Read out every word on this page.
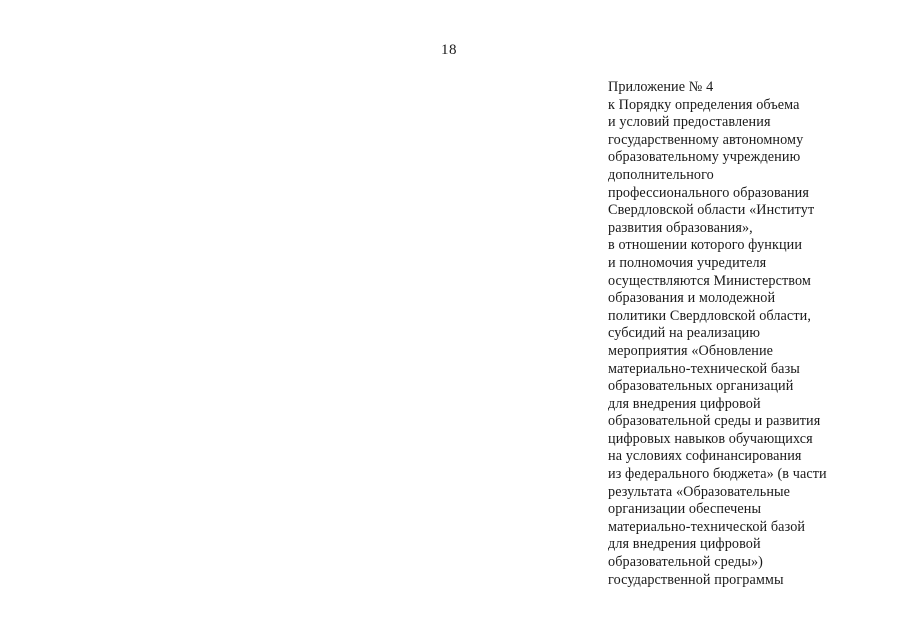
18
Приложение № 4
к Порядку определения объема
и условий предоставления
государственному автономному
образовательному учреждению
дополнительного
профессионального образования
Свердловской области «Институт
развития образования»,
в отношении которого функции
и полномочия учредителя
осуществляются Министерством
образования и молодежной
политики Свердловской области,
субсидий на реализацию
мероприятия «Обновление
материально-технической базы
образовательных организаций
для внедрения цифровой
образовательной среды и развития
цифровых навыков обучающихся
на условиях софинансирования
из федерального бюджета» (в части
результата «Образовательные
организации обеспечены
материально-технической базой
для внедрения цифровой
образовательной среды»)
государственной программы
